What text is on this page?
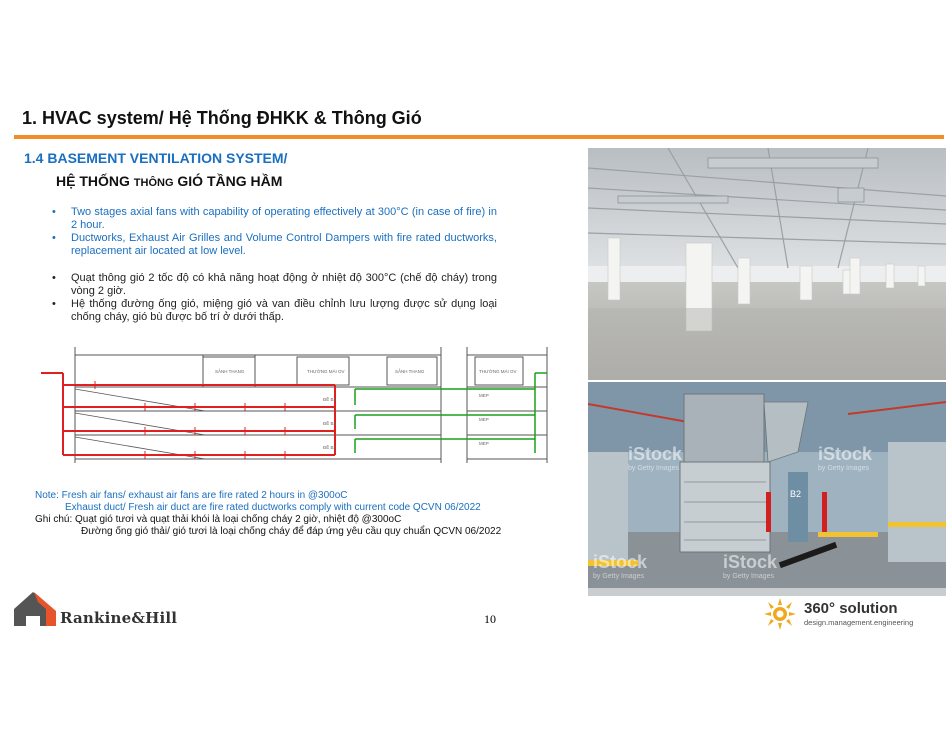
1. HVAC system/ Hệ Thống ĐHKK & Thông Gió
1.4 BASEMENT VENTILATION SYSTEM/
HỆ THỐNG THÔNG GIÓ TẦNG HẦM
• Two stages axial fans with capability of operating effectively at 300°C (in case of fire) in 2 hour.
• Ductworks, Exhaust Air Grilles and Volume Control Dampers with fire rated ductworks, replacement air located at low level.
• Quạt thông gió 2 tốc độ có khả năng hoạt động ở nhiệt độ 300°C (chế độ cháy) trong vòng 2 giờ.
• Hệ thống đường ống gió, miệng gió và van điều chỉnh lưu lượng được sử dụng loại chống cháy, gió bù được bố trí ở dưới thấp.
SẢNH THANG	THƯỜNG MÁI OV	SẢNH THANG	THƯỜNG MÁI OV
ĐỀ B1
ĐỀ B2
ĐỀ B3
MEP
MEP
MEP
Note: Fresh air fans/ exhaust air fans are fire rated 2 hours in @300oC
Exhaust duct/ Fresh air duct are fire rated ductworks comply with current code QCVN 06/2022
Ghi chú: Quạt gió tươi và quạt thải khói là loại chống cháy 2 giờ, nhiệt độ @300oC
Đường ống gió thải/ gió tươi là loại chống cháy để đáp ứng yêu cầu quy chuẩn QCVN 06/2022
B2
iStock
by Getty Images
iStock
by Getty Images
iStock
by Getty Images
iStock
by Getty Images
Rankine&Hill	10
360° solution
design.management.engineering
